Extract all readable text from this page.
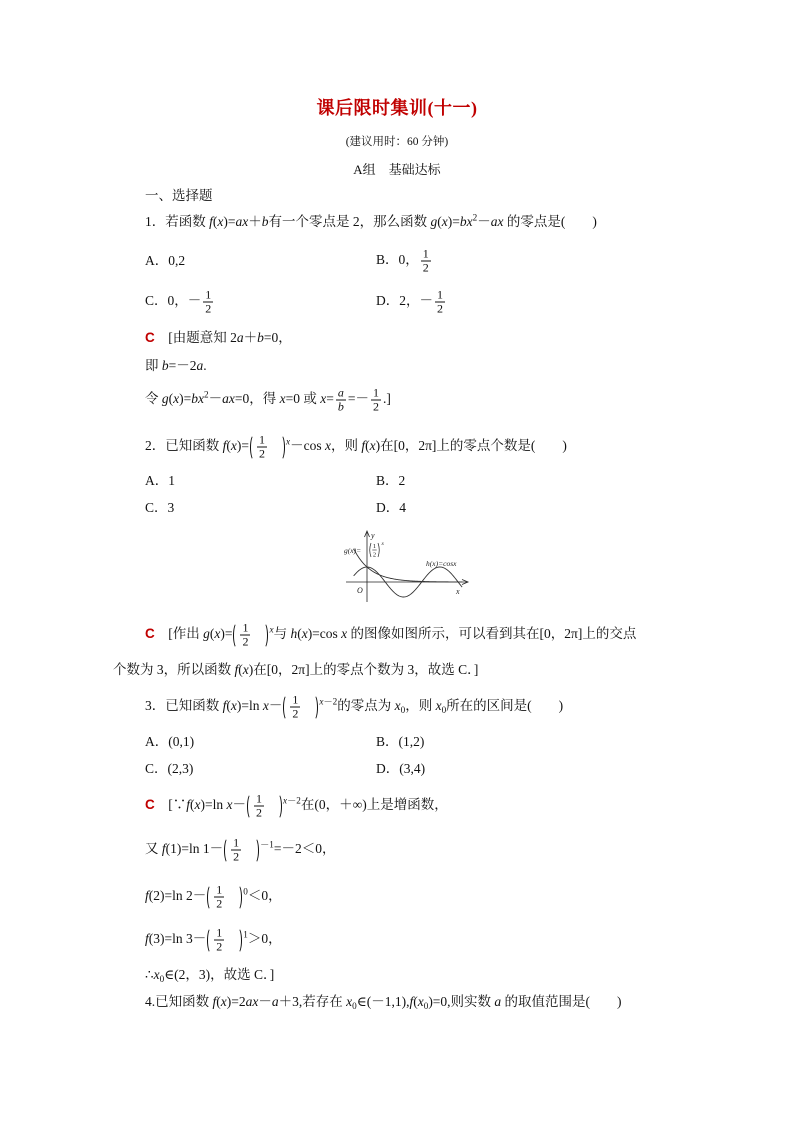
课后限时集训(十一)
(建议用时：60 分钟)
A组　基础达标
一、选择题
1．若函数 f(x)=ax＋b有一个零点是 2，那么函数 $g(x)=bx^2-ax$ 的零点是(　　)
A．0,2	B．0， $\frac{1}{2}$
C．0，－ $\frac{1}{2}$	D．2，－ $\frac{1}{2}$
C　[由题意知 2a＋b=0，
即 b=－2a.
令 $g(x)=bx^2-ax=0$，得 x=0 或 $x= \frac{a}{b} =- \frac{1}{2}$ .]
2．已知函数 $f(x)= \frac{1}{2} ^x-\cos$ x，则 f(x)在[0，2π]上的零点个数是(　　)
A．1	B．2
C．3	D．4
y
x
O
g(x)= 1
2
x
h(x)=cosx
C　[作出 $g(x)= \frac{1}{2} ^x$与 h(x)=cos x 的图像如图所示，可以看到其在[0，2π]上的交点
个数为 3，所以函数 f(x)在[0，2π]上的零点个数为 3，故选 C．]
3．已知函数 f(x)=ln $x- \frac{1}{2} ^{x-2}$的零点为 $x_0$，则 $x_0$所在的区间是(　　)
A．(0,1)	B．(1,2)
C．(2,3)	D．(3,4)
C　[∵f(x)=ln $x- \frac{1}{2} ^{x-2}$在(0，＋∞)上是增函数，
又 f(1)=ln $1- \frac{1}{2} ^{-1}=-2<0$，
f(2)=ln $2- \frac{1}{2} ^0<0$，
f(3)=ln $3- \frac{1}{2} ^1>0$，
$\therefore x_0\in(2$，3)，故选 C．]
4.已知函数 f(x)=2ax－a＋3,若存在 $x_0\in(-1,1),f(x_0)=0$,则实数 a 的取值范围是(　　)
